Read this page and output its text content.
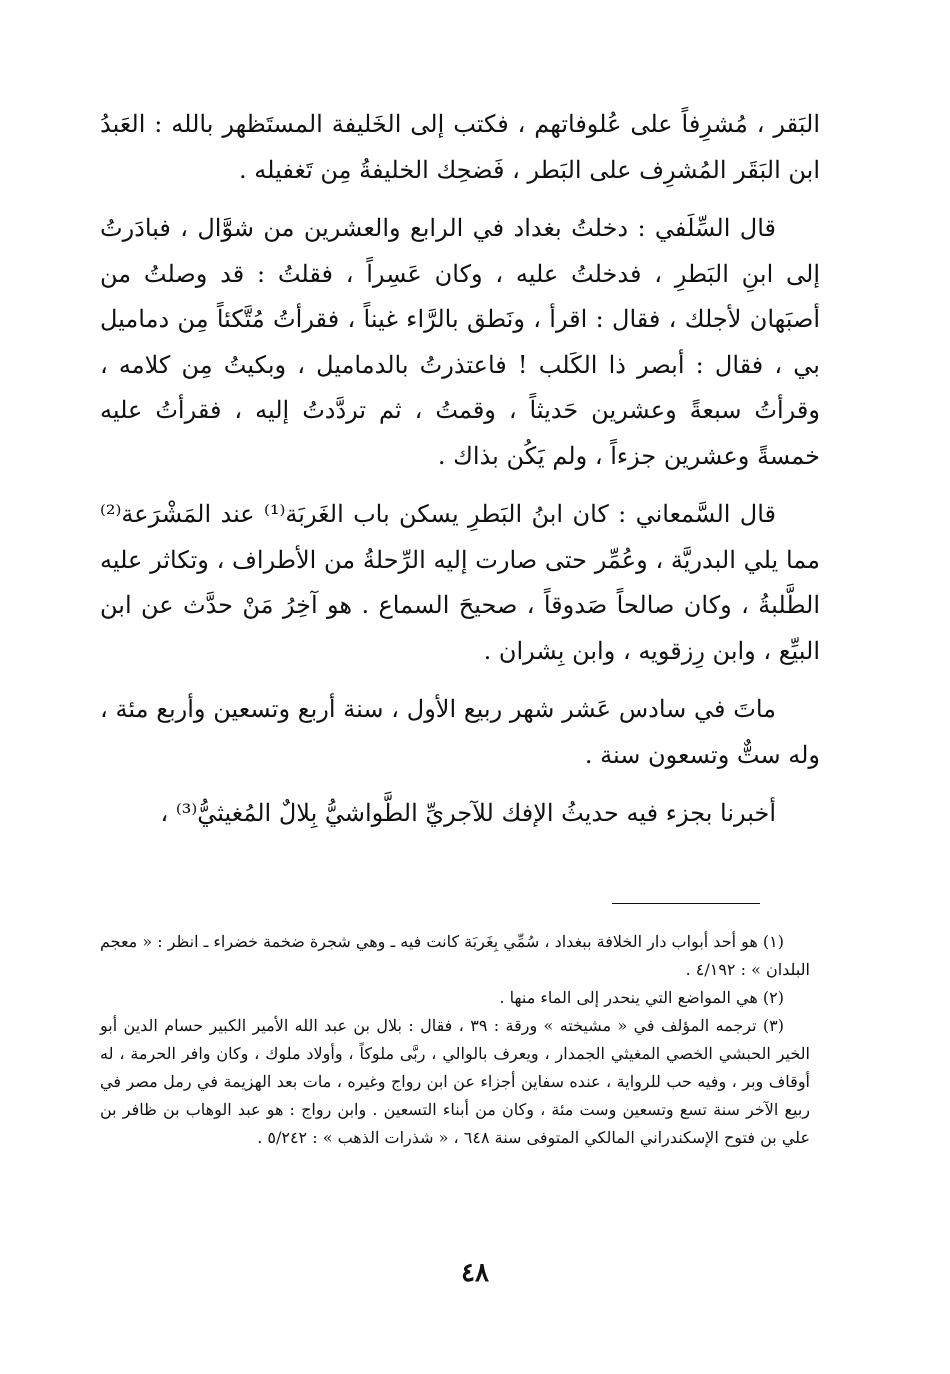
البَقر ، مُشرِفاً على عُلوفاتهم ، فكتب إلى الخَليفة المستَظهر بالله : العَبدُ ابن البَقَر المُشرِف على البَطر ، فَضحِك الخليفةُ مِن تَغفيله .

قال السِّلَفي : دخلتُ بغداد في الرابع والعشرين من شوَّال ، فبادَرتُ إلى ابنِ البَطرِ ، فدخلتُ عليه ، وكان عَسِراً ، فقلتُ : قد وصلتُ من أصبَهان لأجلك ، فقال : اقرأ ، ونَطق بالرَّاء غيناً ، فقرأتُ مُتَّكئاً مِن دماميل بي ، فقال : أبصر ذا الكَلب ! فاعتذرتُ بالدماميل ، وبكيتُ مِن كلامه ، وقرأتُ سبعةً وعشرين حَديثاً ، وقمتُ ، ثم تردَّدتُ إليه ، فقرأتُ عليه خمسةً وعشرين جزءاً ، ولم يَكُن بذاك .

قال السَّمعاني : كان ابنُ البَطرِ يسكن باب الغَربَة⁽¹⁾ عند المَشْرَعة⁽²⁾ مما يلي البدريَّة ، وعُمِّر حتى صارت إليه الرِّحلةُ من الأطراف ، وتكاثر عليه الطَّلبةُ ، وكان صالحاً صَدوقاً ، صحيحَ السماع . هو آخِرُ مَنْ حدَّث عن ابن البيِّع ، وابن رِزقويه ، وابن بِشران .

ماتَ في سادس عَشر شهر ربيع الأول ، سنة أربع وتسعين وأربع مئة ، وله ستٌّ وتسعون سنة .

أخبرنا بجزء فيه حديثُ الإفك للآجريِّ الطَّواشيُّ بِلالٌ المُغيثيُّ⁽³⁾ ،

(١) هو أحد أبواب دار الخلافة ببغداد ، سُمِّي بِغَربَة كانت فيه ـ وهي شجرة ضخمة خضراء ـ انظر : « معجم البلدان » : ٤/١٩٢ .

(٢) هي المواضع التي ينحدر إلى الماء منها .

(٣) ترجمه المؤلف في « مشيخته » ورقة : ٣٩ ، فقال : بلال بن عبد الله الأمير الكبير حسام الدين أبو الخير الحبشي الخصي المغيثي الجمدار ، ويعرف بالوالي ، ربَّى ملوكاً ، وأولاد ملوك ، وكان وافر الحرمة ، له أوقاف وبر ، وفيه حب للرواية ، عنده سفاين أجزاء عن ابن رواج وغيره ، مات بعد الهزيمة في رمل مصر في ربيع الآخر سنة تسع وتسعين وست مئة ، وكان من أبناء التسعين . وابن رواج : هو عبد الوهاب بن ظافر بن علي بن فتوح الإسكندراني المالكي المتوفى سنة ٦٤٨ ، « شذرات الذهب » : ٥/٢٤٢ .

٤٨
